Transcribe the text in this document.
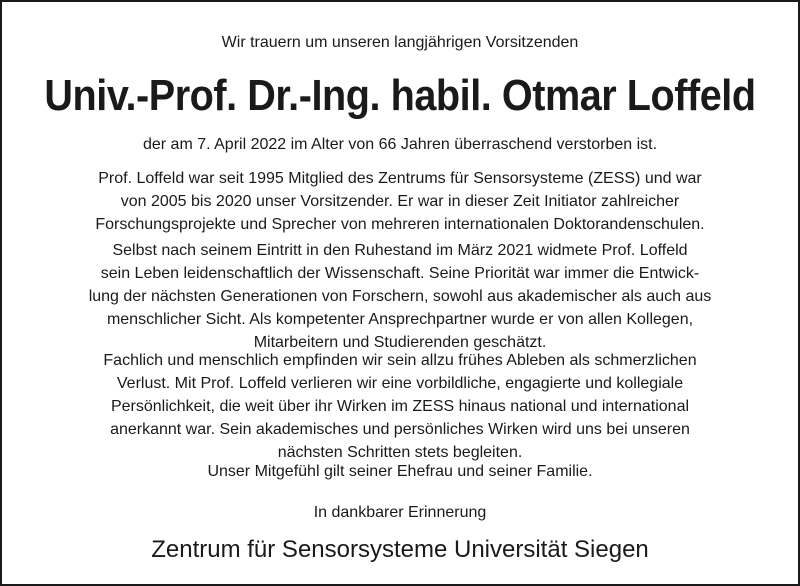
Wir trauern um unseren langjährigen Vorsitzenden

Univ.-Prof. Dr.-Ing. habil. Otmar Loffeld

der am 7. April 2022 im Alter von 66 Jahren überraschend verstorben ist.

Prof. Loffeld war seit 1995 Mitglied des Zentrums für Sensorsysteme (ZESS) und war
von 2005 bis 2020 unser Vorsitzender. Er war in dieser Zeit Initiator zahlreicher
Forschungsprojekte und Sprecher von mehreren internationalen Doktorandenschulen.

Selbst nach seinem Eintritt in den Ruhestand im März 2021 widmete Prof. Loffeld
sein Leben leidenschaftlich der Wissenschaft. Seine Priorität war immer die Entwick-
lung der nächsten Generationen von Forschern, sowohl aus akademischer als auch aus
menschlicher Sicht. Als kompetenter Ansprechpartner wurde er von allen Kollegen,
Mitarbeitern und Studierenden geschätzt.

Fachlich und menschlich empfinden wir sein allzu frühes Ableben als schmerzlichen
Verlust. Mit Prof. Loffeld verlieren wir eine vorbildliche, engagierte und kollegiale
Persönlichkeit, die weit über ihr Wirken im ZESS hinaus national und international
anerkannt war. Sein akademisches und persönliches Wirken wird uns bei unseren
nächsten Schritten stets begleiten.

Unser Mitgefühl gilt seiner Ehefrau und seiner Familie.

In dankbarer Erinnerung

Zentrum für Sensorsysteme Universität Siegen
